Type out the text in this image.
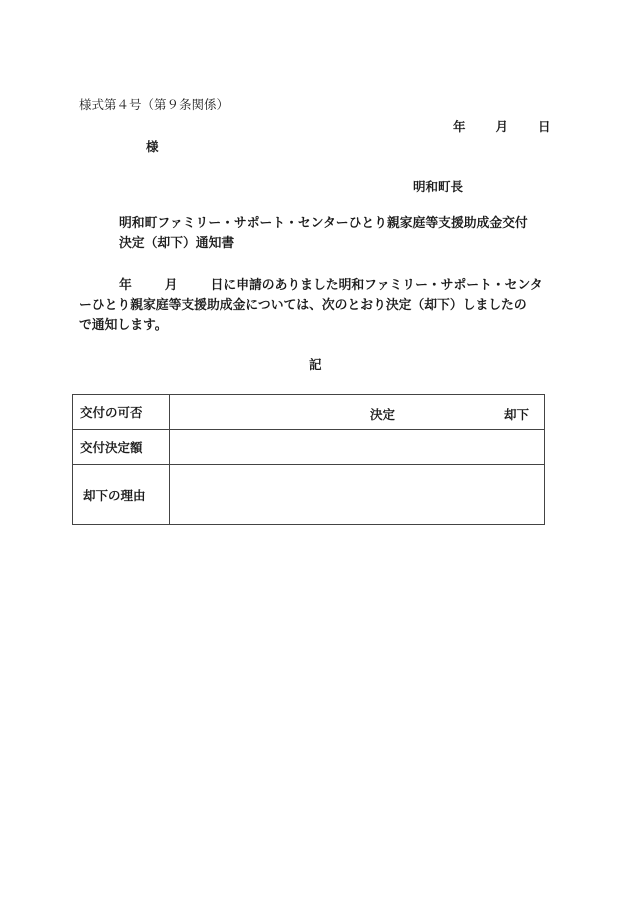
様式第４号（第９条関係）
年 月 日
様
明和町長
明和町ファミリー・サポート・センターひとり親家庭等支援助成金交付
決定（却下）通知書
年	月	日に申請のありました明和ファミリー・サポート・センタ
ーひとり親家庭等支援助成金については、次のとおり決定（却下）しましたの
で通知します。
記
交付の可否	決定 却下

交付決定額	
却下の理由	
